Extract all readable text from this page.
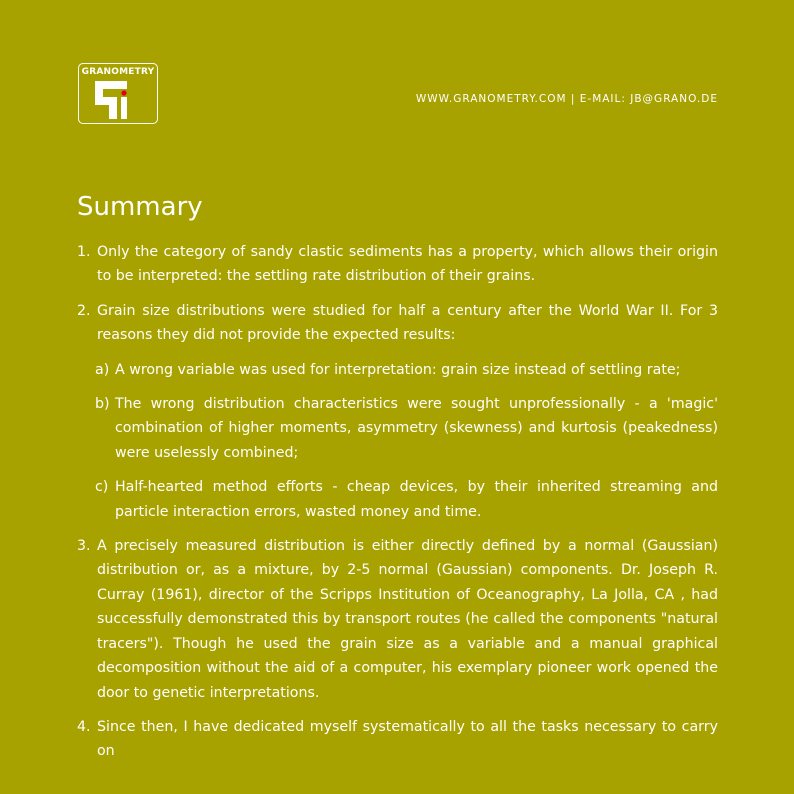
GRANOMETRY
WWW.GRANOMETRY.COM | E-MAIL: JB@GRANO.DE
Summary
1. Only the category of sandy clastic sediments has a property, which allows their origin to be interpreted: the settling rate distribution of their grains.
2. Grain size distributions were studied for half a century after the World War II. For 3 reasons they did not provide the expected results:
a) A wrong variable was used for interpretation: grain size instead of settling rate;
b) The wrong distribution characteristics were sought unprofessionally - a 'magic' combination of higher moments, asymmetry (skewness) and kurtosis (peakedness) were uselessly combined;
c) Half-hearted method efforts - cheap devices, by their inherited streaming and particle interaction errors, wasted money and time.
3. A precisely measured distribution is either directly defined by a normal (Gaussian) distribution or, as a mixture, by 2-5 normal (Gaussian) components. Dr. Joseph R. Curray (1961), director of the Scripps Institution of Oceanography, La Jolla, CA , had successfully demonstrated this by transport routes (he called the components "natural tracers"). Though he used the grain size as a variable and a manual graphical decomposition without the aid of a computer, his exemplary pioneer work opened the door to genetic interpretations.
4. Since then, I have dedicated myself systematically to all the tasks necessary to carry on
